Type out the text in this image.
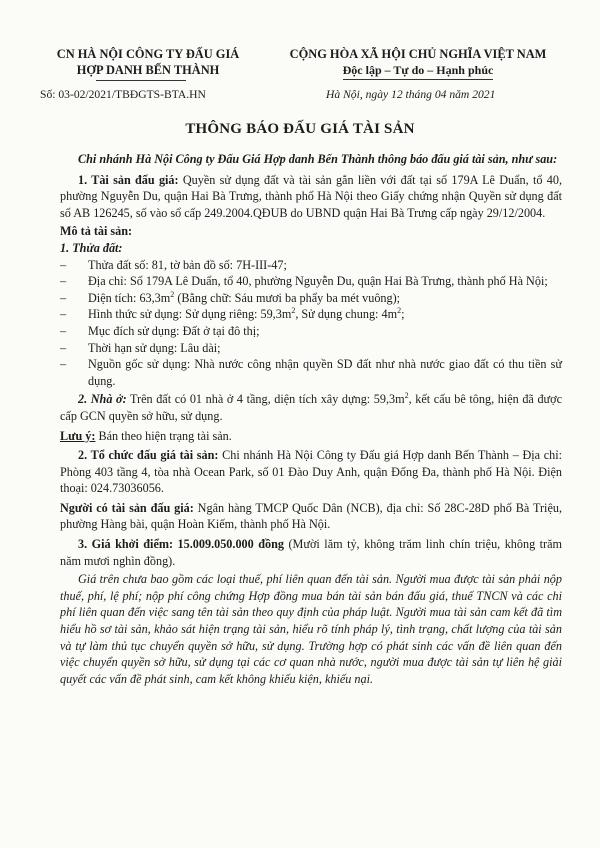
CN HÀ NỘI CÔNG TY ĐẤU GIÁ
HỢP DANH BẾN THÀNH
Số: 03-02/2021/TBĐGTS-BTA.HN
CỘNG HÒA XÃ HỘI CHỦ NGHĨA VIỆT NAM
Độc lập – Tự do – Hạnh phúc
Hà Nội, ngày 12 tháng 04 năm 2021
THÔNG BÁO ĐẤU GIÁ TÀI SẢN

Chi nhánh Hà Nội Công ty Đấu Giá Hợp danh Bến Thành thông báo đấu giá tài sản, như sau:

1. Tài sản đấu giá: Quyền sử dụng đất và tài sản gắn liền với đất tại số 179A Lê Duẩn, tổ 40, phường Nguyễn Du, quận Hai Bà Trưng, thành phố Hà Nội theo Giấy chứng nhận Quyền sử dụng đất số AB 126245, số vào sổ cấp 249.2004.QĐUB do UBND quận Hai Bà Trưng cấp ngày 29/12/2004.

Mô tả tài sản:

1. Thửa đất:

–	Thửa đất số: 81, tờ bản đồ số: 7H-III-47;
–	Địa chỉ: Số 179A Lê Duẩn, tổ 40, phường Nguyễn Du, quận Hai Bà Trưng, thành phố Hà Nội;
–	Diện tích: $63,3m^2$ (Bằng chữ: Sáu mươi ba phẩy ba mét vuông);
–	Hình thức sử dụng: Sử dụng riêng: $59,3m^2$, Sử dụng chung: $4m^2$;
–	Mục đích sử dụng: Đất ở tại đô thị;
–	Thời hạn sử dụng: Lâu dài;
–	Nguồn gốc sử dụng: Nhà nước công nhận quyền SD đất như nhà nước giao đất có thu tiền sử dụng.

2. Nhà ở: Trên đất có 01 nhà ở 4 tầng, diện tích xây dựng: $59,3m^2$, kết cấu bê tông, hiện đã được cấp GCN quyền sở hữu, sử dụng.

Lưu ý: Bán theo hiện trạng tài sản.

2. Tổ chức đấu giá tài sản: Chi nhánh Hà Nội Công ty Đấu giá Hợp danh Bến Thành – Địa chỉ: Phòng 403 tầng 4, tòa nhà Ocean Park, số 01 Đào Duy Anh, quận Đống Đa, thành phố Hà Nội. Điện thoại: 024.73036056.

Người có tài sản đấu giá: Ngân hàng TMCP Quốc Dân (NCB), địa chỉ: Số 28C-28D phố Bà Triệu, phường Hàng bài, quận Hoàn Kiếm, thành phố Hà Nội.

3. Giá khởi điểm: 15.009.050.000 đồng (Mười lăm tỷ, không trăm linh chín triệu, không trăm năm mươi nghìn đồng).

Giá trên chưa bao gồm các loại thuế, phí liên quan đến tài sản. Người mua được tài sản phải nộp thuế, phí, lệ phí; nộp phí công chứng Hợp đồng mua bán tài sản bán đấu giá, thuế TNCN và các chi phí liên quan đến việc sang tên tài sản theo quy định của pháp luật. Người mua tài sản cam kết đã tìm hiểu hồ sơ tài sản, khảo sát hiện trạng tài sản, hiểu rõ tính pháp lý, tình trạng, chất lượng của tài sản và tự làm thủ tục chuyển quyền sở hữu, sử dụng. Trường hợp có phát sinh các vấn đề liên quan đến việc chuyển quyền sở hữu, sử dụng tại các cơ quan nhà nước, người mua được tài sản tự liên hệ giải quyết các vấn đề phát sinh, cam kết không khiếu kiện, khiếu nại.
